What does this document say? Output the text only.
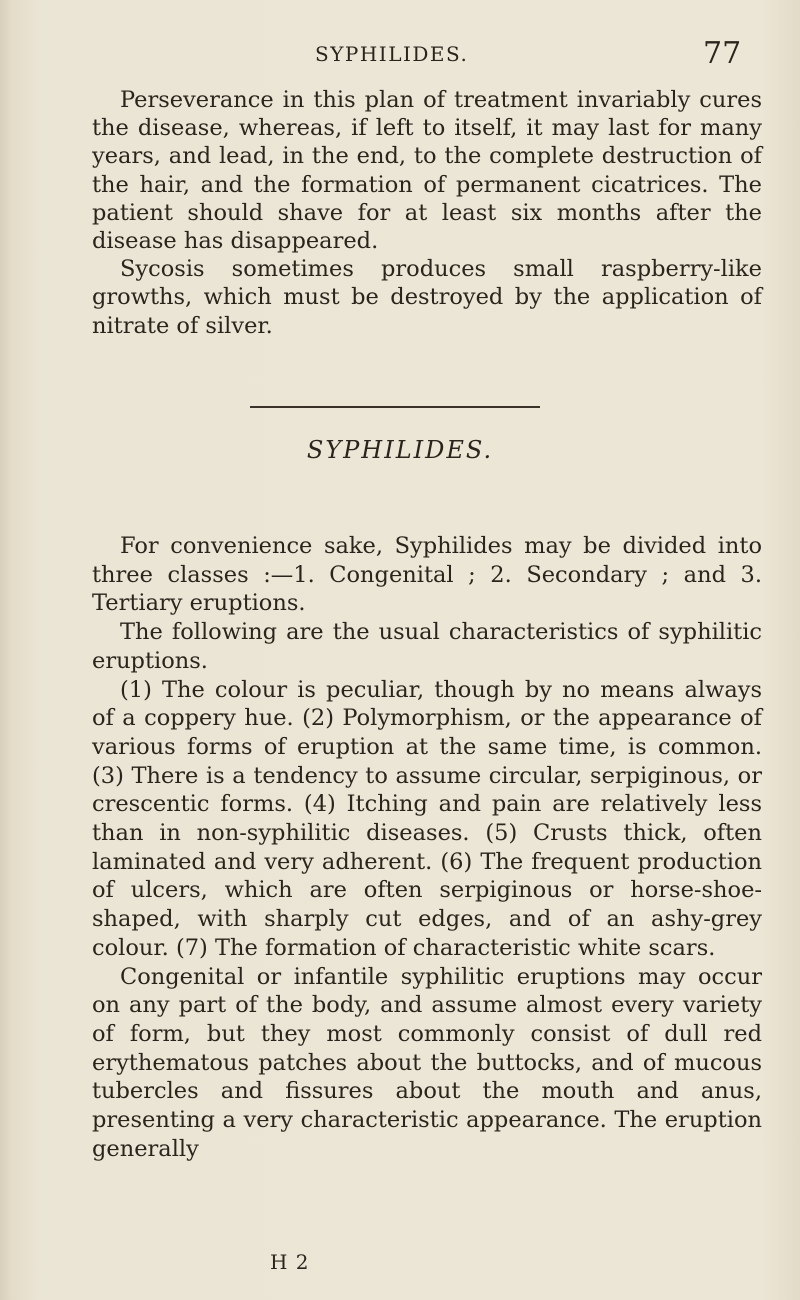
SYPHILIDES.	77

Perseverance in this plan of treatment invariably cures the disease, whereas, if left to itself, it may last for many years, and lead, in the end, to the complete destruction of the hair, and the formation of permanent cicatrices. The patient should shave for at least six months after the disease has disappeared.

Sycosis sometimes produces small raspberry-like growths, which must be destroyed by the application of nitrate of silver.

SYPHILIDES.

For convenience sake, Syphilides may be divided into three classes :—1. Congenital ; 2. Secondary ; and 3. Tertiary eruptions.

The following are the usual characteristics of syphilitic eruptions.

(1) The colour is peculiar, though by no means always of a coppery hue. (2) Polymorphism, or the appearance of various forms of eruption at the same time, is common. (3) There is a tendency to assume circular, serpiginous, or crescentic forms. (4) Itching and pain are relatively less than in non-syphilitic diseases. (5) Crusts thick, often laminated and very adherent. (6) The frequent production of ulcers, which are often serpiginous or horse-shoe-shaped, with sharply cut edges, and of an ashy-grey colour. (7) The formation of characteristic white scars.

Congenital or infantile syphilitic eruptions may occur on any part of the body, and assume almost every variety of form, but they most commonly consist of dull red erythematous patches about the buttocks, and of mucous tubercles and fissures about the mouth and anus, presenting a very characteristic appearance. The eruption generally

H 2
